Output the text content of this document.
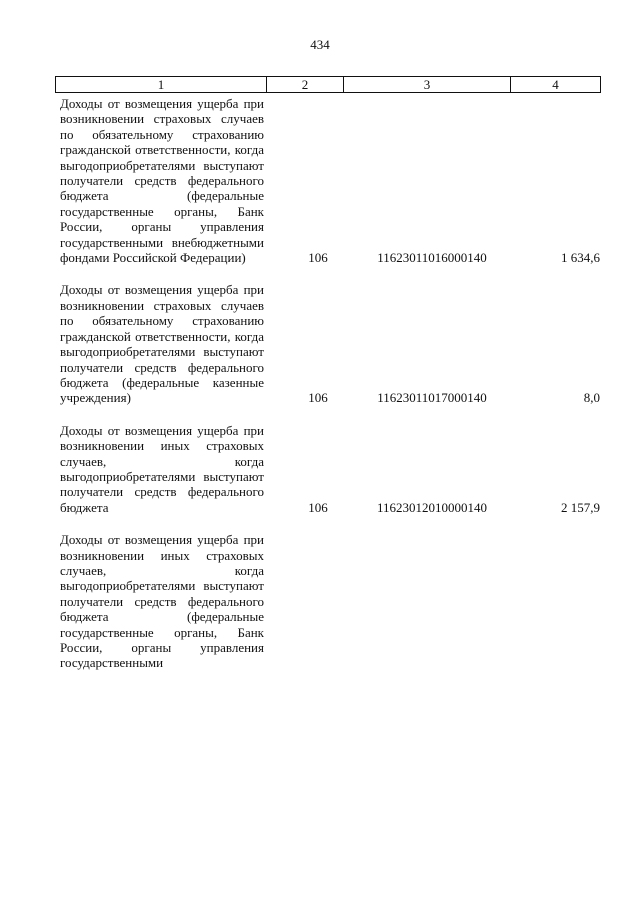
434
1	2	3	4
Доходы от возмещения ущерба при возникновении страховых случаев по обязательному страхованию гражданской ответственности, когда выгодоприобретателями выступают получатели средств федерального бюджета (федеральные государственные органы, Банк России, органы управления государственными внебюджетными фондами Российской Федерации)	106	11623011016000140	1 634,6
Доходы от возмещения ущерба при возникновении страховых случаев по обязательному страхованию гражданской ответственности, когда выгодоприобретателями выступают получатели средств федерального бюджета (федеральные казенные учреждения)	106	11623011017000140	8,0
Доходы от возмещения ущерба при возникновении иных страховых случаев, когда выгодоприобретателями выступают получатели средств федерального бюджета	106	11623012010000140	2 157,9
Доходы от возмещения ущерба при возникновении иных страховых случаев, когда выгодоприобретателями выступают получатели средств федерального бюджета (федеральные государственные органы, Банк России, органы управления государственными
